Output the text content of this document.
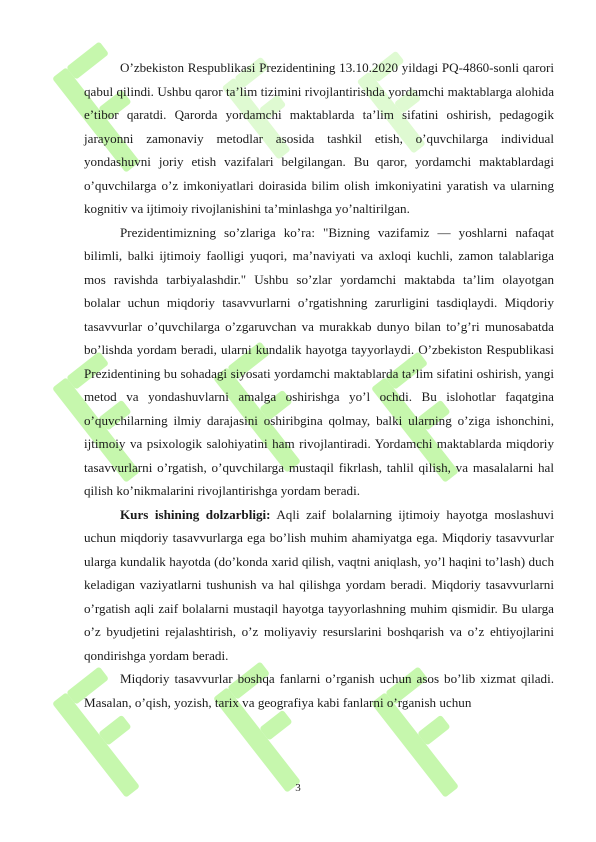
O’zbekiston Respublikasi Prezidentining 13.10.2020 yildagi PQ-4860-sonli qarori qabul qilindi. Ushbu qaror ta’lim tizimini rivojlantirishda yordamchi maktablarga alohida e’tibor qaratdi. Qarorda yordamchi maktablarda ta’lim sifatini oshirish, pedagogik jarayonni zamonaviy metodlar asosida tashkil etish, o’quvchilarga individual yondashuvni joriy etish vazifalari belgilangan. Bu qaror, yordamchi maktablardagi o’quvchilarga o’z imkoniyatlari doirasida bilim olish imkoniyatini yaratish va ularning kognitiv va ijtimoiy rivojlanishini ta’minlashga yo’naltirilgan.

Prezidentimizning so’zlariga ko’ra: "Bizning vazifamiz — yoshlarni nafaqat bilimli, balki ijtimoiy faolligi yuqori, ma’naviyati va axloqi kuchli, zamon talablariga mos ravishda tarbiyalashdir." Ushbu so’zlar yordamchi maktabda ta’lim olayotgan bolalar uchun miqdoriy tasavvurlarni o’rgatishning zarurligini tasdiqlaydi. Miqdoriy tasavvurlar o’quvchilarga o’zgaruvchan va murakkab dunyo bilan to’g’ri munosabatda bo’lishda yordam beradi, ularni kundalik hayotga tayyorlaydi. O’zbekiston Respublikasi Prezidentining bu sohadagi siyosati yordamchi maktablarda ta’lim sifatini oshirish, yangi metod va yondashuvlarni amalga oshirishga yo’l ochdi. Bu islohotlar faqatgina o’quvchilarning ilmiy darajasini oshiribgina qolmay, balki ularning o’ziga ishonchini, ijtimoiy va psixologik salohiyatini ham rivojlantiradi. Yordamchi maktablarda miqdoriy tasavvurlarni o’rgatish, o’quvchilarga mustaqil fikrlash, tahlil qilish, va masalalarni hal qilish ko’nikmalarini rivojlantirishga yordam beradi.

Kurs ishining dolzarbligi: Aqli zaif bolalarning ijtimoiy hayotga moslashuvi uchun miqdoriy tasavvurlarga ega bo’lish muhim ahamiyatga ega. Miqdoriy tasavvurlar ularga kundalik hayotda (do’konda xarid qilish, vaqtni aniqlash, yo’l haqini to’lash) duch keladigan vaziyatlarni tushunish va hal qilishga yordam beradi. Miqdoriy tasavvurlarni o’rgatish aqli zaif bolalarni mustaqil hayotga tayyorlashning muhim qismidir. Bu ularga o’z byudjetini rejalashtirish, o’z moliyaviy resurslarini boshqarish va o’z ehtiyojlarini qondirishga yordam beradi.

Miqdoriy tasavvurlar boshqa fanlarni o’rganish uchun asos bo’lib xizmat qiladi. Masalan, o’qish, yozish, tarix va geografiya kabi fanlarni o’rganish uchun

3
